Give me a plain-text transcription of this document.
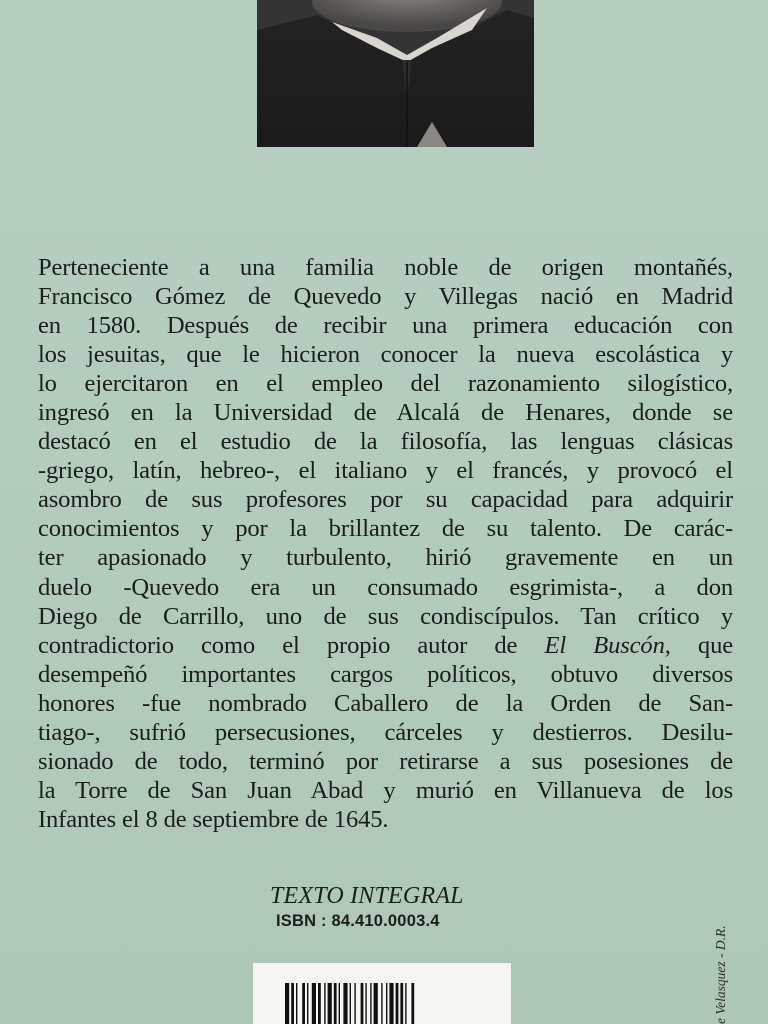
Perteneciente a una familia noble de origen montañés,
Francisco Gómez de Quevedo y Villegas nació en Madrid
en 1580. Después de recibir una primera educación con
los jesuitas, que le hicieron conocer la nueva escolástica y
lo ejercitaron en el empleo del razonamiento silogístico,
ingresó en la Universidad de Alcalá de Henares, donde se
destacó en el estudio de la filosofía, las lenguas clásicas
-griego, latín, hebreo-, el italiano y el francés, y provocó el
asombro de sus profesores por su capacidad para adquirir
conocimientos y por la brillantez de su talento. De carác-
ter apasionado y turbulento, hirió gravemente en un
duelo -Quevedo era un consumado esgrimista-, a don
Diego de Carrillo, uno de sus condiscípulos. Tan crítico y
contradictorio como el propio autor de El Buscón, que
desempeñó importantes cargos políticos, obtuvo diversos
honores -fue nombrado Caballero de la Orden de San-
tiago-, sufrió persecusiones, cárceles y destierros. Desilu-
sionado de todo, terminó por retirarse a sus posesiones de
la Torre de San Juan Abad y murió en Villanueva de los
Infantes el 8 de septiembre de 1645.
TEXTO INTEGRAL
ISBN : 84.410.0003.4
e Velasquez - D.R.
